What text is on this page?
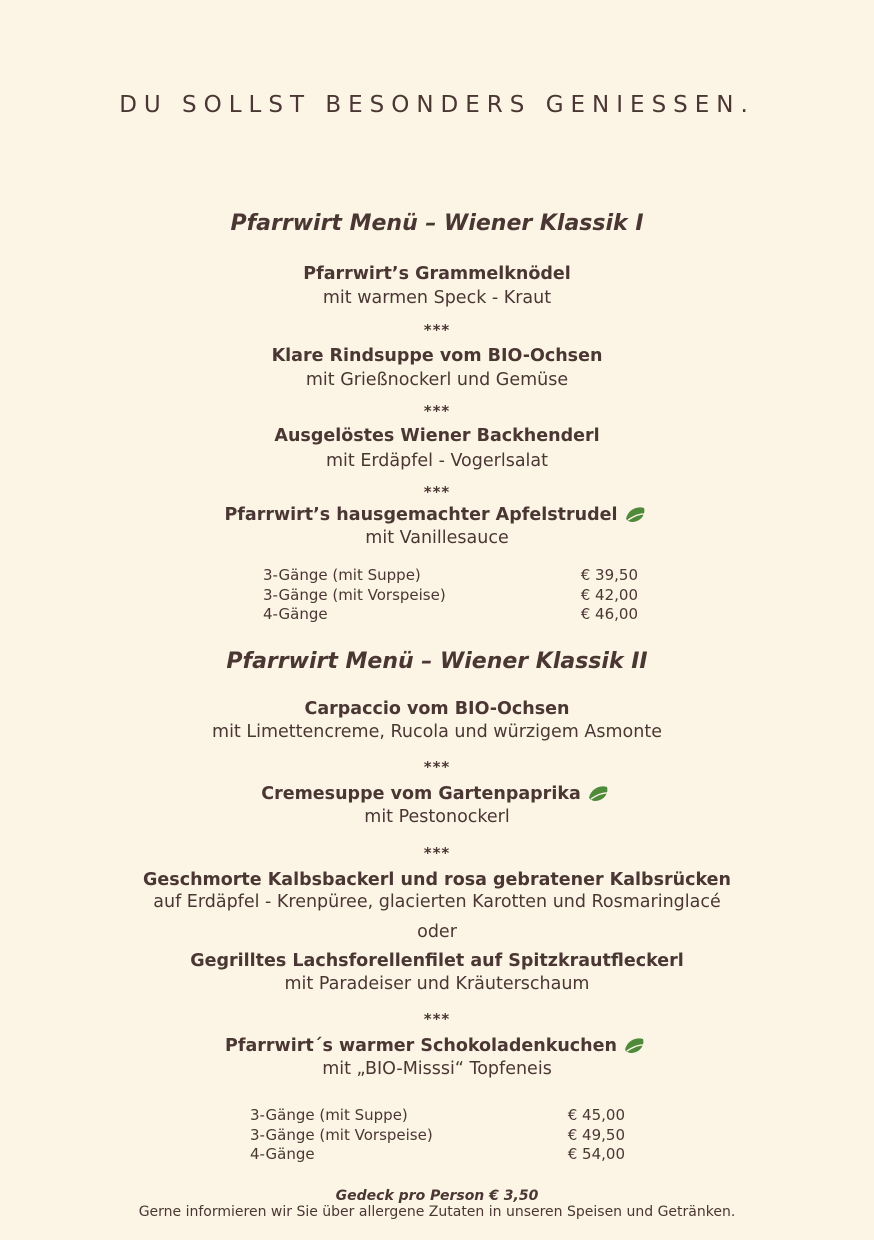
DU SOLLST BESONDERS GENIESSEN.
Pfarrwirt Menü – Wiener Klassik I
Pfarrwirt’s Grammelknödel
mit warmen Speck - Kraut
***
Klare Rindsuppe vom BIO-Ochsen
mit Grießnockerl und Gemüse
***
Ausgelöstes Wiener Backhenderl
mit Erdäpfel - Vogerlsalat
***
Pfarrwirt’s hausgemachter Apfelstrudel
mit Vanillesauce
3-Gänge (mit Suppe)	€ 39,50
3-Gänge (mit Vorspeise)	€ 42,00
4-Gänge	€ 46,00
Pfarrwirt Menü – Wiener Klassik II
Carpaccio vom BIO-Ochsen
mit Limettencreme, Rucola und würzigem Asmonte
***
Cremesuppe vom Gartenpaprika
mit Pestonockerl
***
Geschmorte Kalbsbackerl und rosa gebratener Kalbsrücken
auf Erdäpfel - Krenpüree, glacierten Karotten und Rosmaringlacé
oder
Gegrilltes Lachsforellenfilet auf Spitzkrautfleckerl
mit Paradeiser und Kräuterschaum
***
Pfarrwirt´s warmer Schokoladenkuchen
mit „BIO-Misssi“ Topfeneis
3-Gänge (mit Suppe)	€ 45,00
3-Gänge (mit Vorspeise)	€ 49,50
4-Gänge	€ 54,00
Gedeck pro Person € 3,50
Gerne informieren wir Sie über allergene Zutaten in unseren Speisen und Getränken.
